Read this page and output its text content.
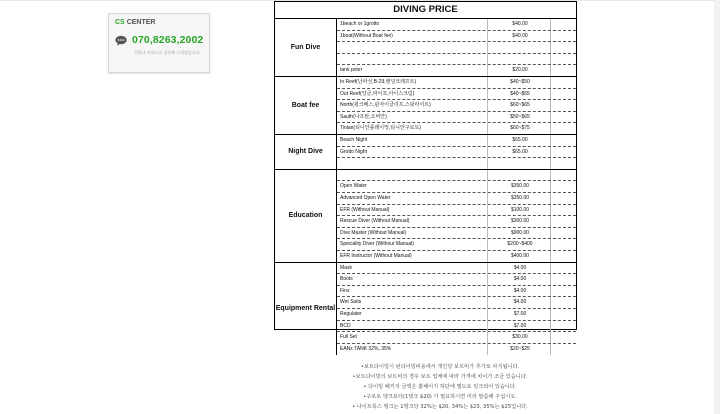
CS CENTER
070,8263,2002
전화나 카톡으로 상담해 드리겠습니다
DIVING PRICE
Fun Dive
1beach or 1grotto	$40.00
1boat(Without Boat fee)	$40.00
tank poter	$20.00
Boat fee
In Reef(난파선,B-29,랜딩크래프트)	$40~$50
Out Reef(잉글,파이프,아이스크림)	$40~$55
North(윙크배스,판자이클리프,스팟라이트)	$60~$65
Sauth(나프탄,오비안)	$50~$65
Tinian(티니안플레이밍,티니안구로토)	$60~$75
Night Dive
Beach Night	$65.00
Grotto Night	$65.00
Education
Open Water	$350.00
Advanced Open Water	$350.00
EFR (Without Manual)	$100.00
Rescue Diver (Without Manual)	$300.00
Dive Master (Without Manual)	$900.00
Speciality Diver (Without Manual)	$200~$400
EFR Instructor (Without Manual)	$400.00
Equipment Rental
Mask	$4.00
Boots	$4.00
Fins	$4.00
Wet Suits	$4.00
Regulater	$7.00
BCD	$7.00
Full Set	$30.00
EANx TANK 32%, 35%	$20~$25
•보트다이빙시 펀다이빙비용에서 개인당 보트비가 추가로 차지됩니다.
•보트다이빙의 보트비의 경우 보트 업체에 따라 가격에 차이가 조금 있습니다.
• 다이빙 패키지 금액은 홈페이지 하단에 별도로 링크되어 있습니다.
•구로토 탱크포터(1탱크 $20) 가 필요하시면 미리 말씀해 주십시오.
• 나이트록스 탱크는 1탱크당 32%는 $20, 34%는 $23, 35%는 $25입니다.
